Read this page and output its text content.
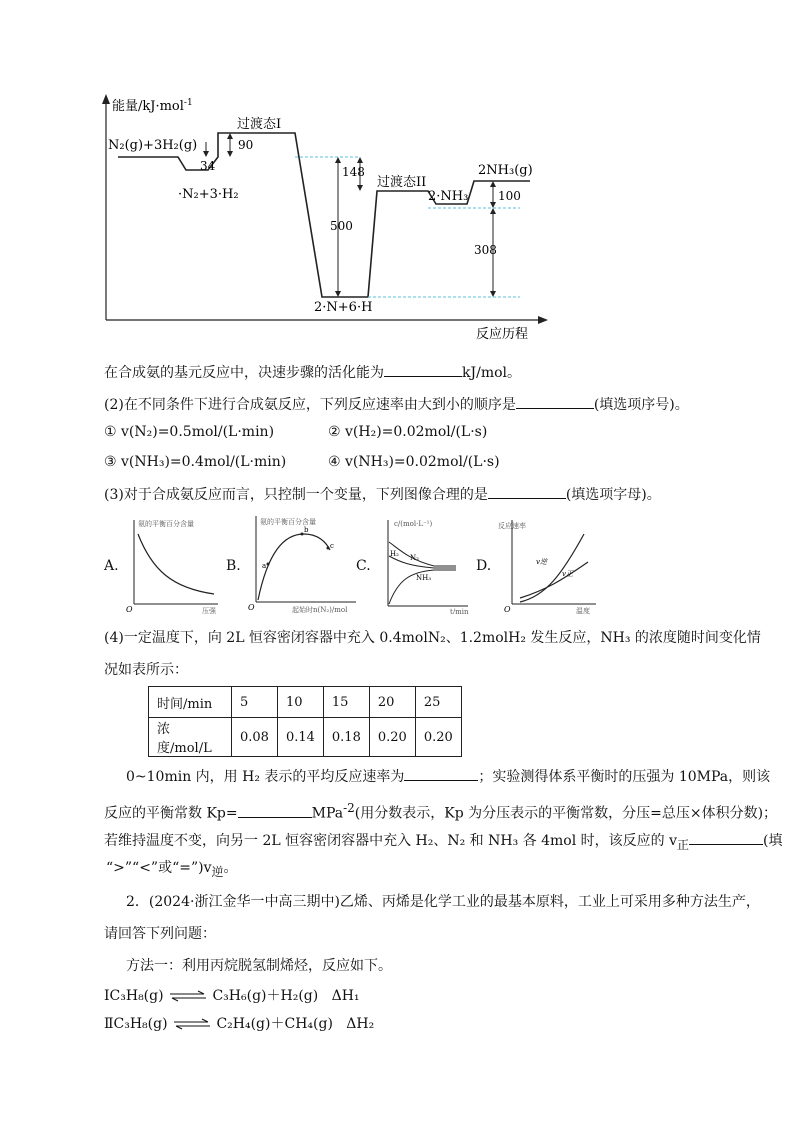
能量/kJ·mol$^{-1}$
反应历程
34
90
148
500
100
308
N₂(g)+3H₂(g)
·N₂+3·H₂
过渡态I
2·N+6·H
过渡态II
2·NH₃
2NH₃(g)
在合成氨的基元反应中，决速步骤的活化能为	kJ/mol。
(2)在不同条件下进行合成氨反应，下列反应速率由大到小的顺序是	(填选项序号)。
① v(N₂)=0.5mol/(L·min)	② v(H₂)=0.02mol/(L·s)
③ v(NH₃)=0.4mol/(L·min)	④ v(NH₃)=0.02mol/(L·s)
(3)对于合成氨反应而言，只控制一个变量，下列图像合理的是	(填选项字母)。
A.
氨的平衡百分含量
压强
O
B.	a
b
c
氨的平衡百分含量
起始时n(N₂)/mol
O
C.
c/(mol·L⁻¹)
H₂ N₂
NH₃
t/min
D.
反应速率
v逆
v正
温度
O
(4)一定温度下，向 2L 恒容密闭容器中充入 0.4molN₂、1.2molH₂ 发生反应，NH₃ 的浓度随时间变化情
况如表所示：
时间/min	5	10	15	20	25
浓度/mol/L	0.08	0.14	0.18	0.20	0.20
0~10min 内，用 H₂ 表示的平均反应速率为	；实验测得体系平衡时的压强为 10MPa，则该
反应的平衡常数 Kp=	MPa$^{-2}$(用分数表示，Kp 为分压表示的平衡常数，分压=总压×体积分数)；
若维持温度不变，向另一 2L 恒容密闭容器中充入 H₂、N₂ 和 NH₃ 各 4mol 时，该反应的 $v_正$	(填
“>”“<”或“$=”)v_逆$。
2．(2024·浙江金华一中高三期中)乙烯、丙烯是化学工业的最基本原料，工业上可采用多种方法生产，
请回答下列问题：
方法一：利用丙烷脱氢制烯烃，反应如下。
ⅠC₃H₈(g) ⇌ C₃H₆(g)＋H₂(g) ΔH₁
ⅡC₃H₈(g) ⇌ C₂H₄(g)＋CH₄(g) ΔH₂
